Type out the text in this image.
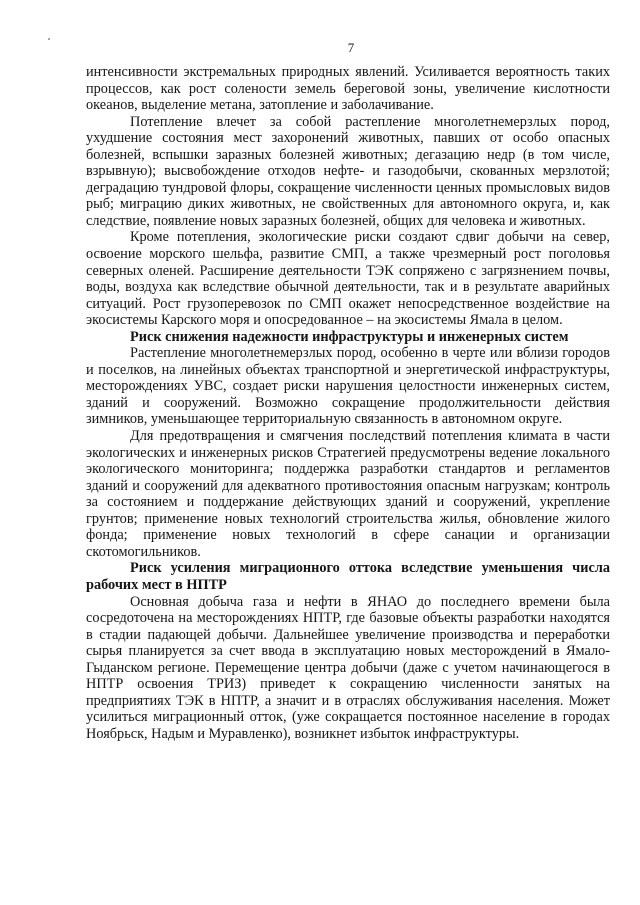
7

интенсивности экстремальных природных явлений. Усиливается вероятность таких процессов, как рост солености земель береговой зоны, увеличение кислотности океанов, выделение метана, затопление и заболачивание.

Потепление влечет за собой растепление многолетнемерзлых пород, ухудшение состояния мест захоронений животных, павших от особо опасных болезней, вспышки заразных болезней животных; дегазацию недр (в том числе, взрывную); высвобождение отходов нефте- и газодобычи, скованных мерзлотой; деградацию тундровой флоры, сокращение численности ценных промысловых видов рыб; миграцию диких животных, не свойственных для автономного округа, и, как следствие, появление новых заразных болезней, общих для человека и животных.

Кроме потепления, экологические риски создают сдвиг добычи на север, освоение морского шельфа, развитие СМП, а также чрезмерный рост поголовья северных оленей. Расширение деятельности ТЭК сопряжено с загрязнением почвы, воды, воздуха как вследствие обычной деятельности, так и в результате аварийных ситуаций. Рост грузоперевозок по СМП окажет непосредственное воздействие на экосистемы Карского моря и опосредованное – на экосистемы Ямала в целом.

Риск снижения надежности инфраструктуры и инженерных систем

Растепление многолетнемерзлых пород, особенно в черте или вблизи городов и поселков, на линейных объектах транспортной и энергетической инфраструктуры, месторождениях УВС, создает риски нарушения целостности инженерных систем, зданий и сооружений. Возможно сокращение продолжительности действия зимников, уменьшающее территориальную связанность в автономном округе.

Для предотвращения и смягчения последствий потепления климата в части экологических и инженерных рисков Стратегией предусмотрены ведение локального экологического мониторинга; поддержка разработки стандартов и регламентов зданий и сооружений для адекватного противостояния опасным нагрузкам; контроль за состоянием и поддержание действующих зданий и сооружений, укрепление грунтов; применение новых технологий строительства жилья, обновление жилого фонда; применение новых технологий в сфере санации и организации скотомогильников.

Риск усиления миграционного оттока вследствие уменьшения числа рабочих мест в НПТР

Основная добыча газа и нефти в ЯНАО до последнего времени была сосредоточена на месторождениях НПТР, где базовые объекты разработки находятся в стадии падающей добычи. Дальнейшее увеличение производства и переработки сырья планируется за счет ввода в эксплуатацию новых месторождений в Ямало-Гыданском регионе. Перемещение центра добычи (даже с учетом начинающегося в НПТР освоения ТРИЗ) приведет к сокращению численности занятых на предприятиях ТЭК в НПТР, а значит и в отраслях обслуживания населения. Может усилиться миграционный отток, (уже сокращается постоянное население в городах Ноябрьск, Надым и Муравленко), возникнет избыток инфраструктуры.
